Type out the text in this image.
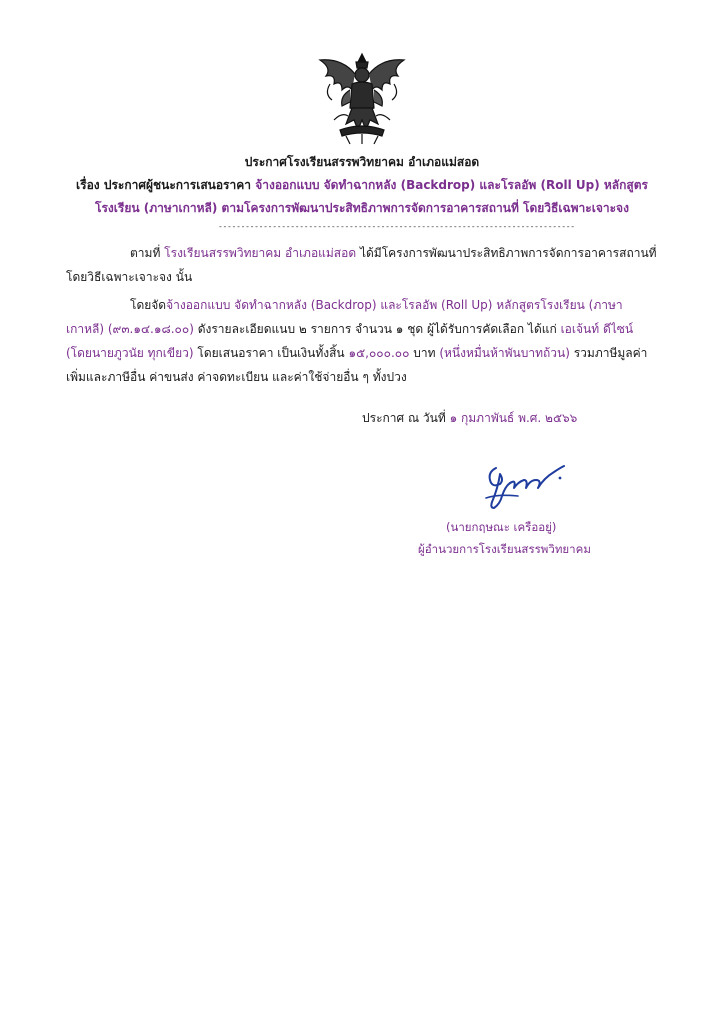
ประกาศโรงเรียนสรรพวิทยาคม อำเภอแม่สอด
เรื่อง ประกาศผู้ชนะการเสนอราคา จ้างออกแบบ จัดทำฉากหลัง (Backdrop) และโรลอัพ (Roll Up) หลักสูตร
โรงเรียน (ภาษาเกาหลี) ตามโครงการพัฒนาประสิทธิภาพการจัดการอาคารสถานที่ โดยวิธีเฉพาะเจาะจง
-------------------------------------------------------------------------------
ตามที่ โรงเรียนสรรพวิทยาคม อำเภอแม่สอด ได้มีโครงการพัฒนาประสิทธิภาพการจัดการอาคารสถานที่ โดยวิธีเฉพาะเจาะจง นั้น
โดยจัดจ้างออกแบบ จัดทำฉากหลัง (Backdrop) และโรลอัพ (Roll Up) หลักสูตรโรงเรียน (ภาษาเกาหลี) (๙๓.๑๔.๑๘.๐๐) ดังรายละเอียดแนบ ๒ รายการ จำนวน ๑ ชุด ผู้ได้รับการคัดเลือก ได้แก่ เอเจ้นท์ ดีไซน์ (โดยนายภูวนัย ทุกเขียว) โดยเสนอราคา เป็นเงินทั้งสิ้น ๑๕,๐๐๐.๐๐ บาท (หนึ่งหมื่นห้าพันบาทถ้วน) รวมภาษีมูลค่าเพิ่มและภาษีอื่น ค่าขนส่ง ค่าจดทะเบียน และค่าใช้จ่ายอื่น ๆ ทั้งปวง
ประกาศ ณ วันที่ ๑ กุมภาพันธ์ พ.ศ. ๒๕๖๖
(นายกฤษณะ เครืออยู่)
ผู้อำนวยการโรงเรียนสรรพวิทยาคม
